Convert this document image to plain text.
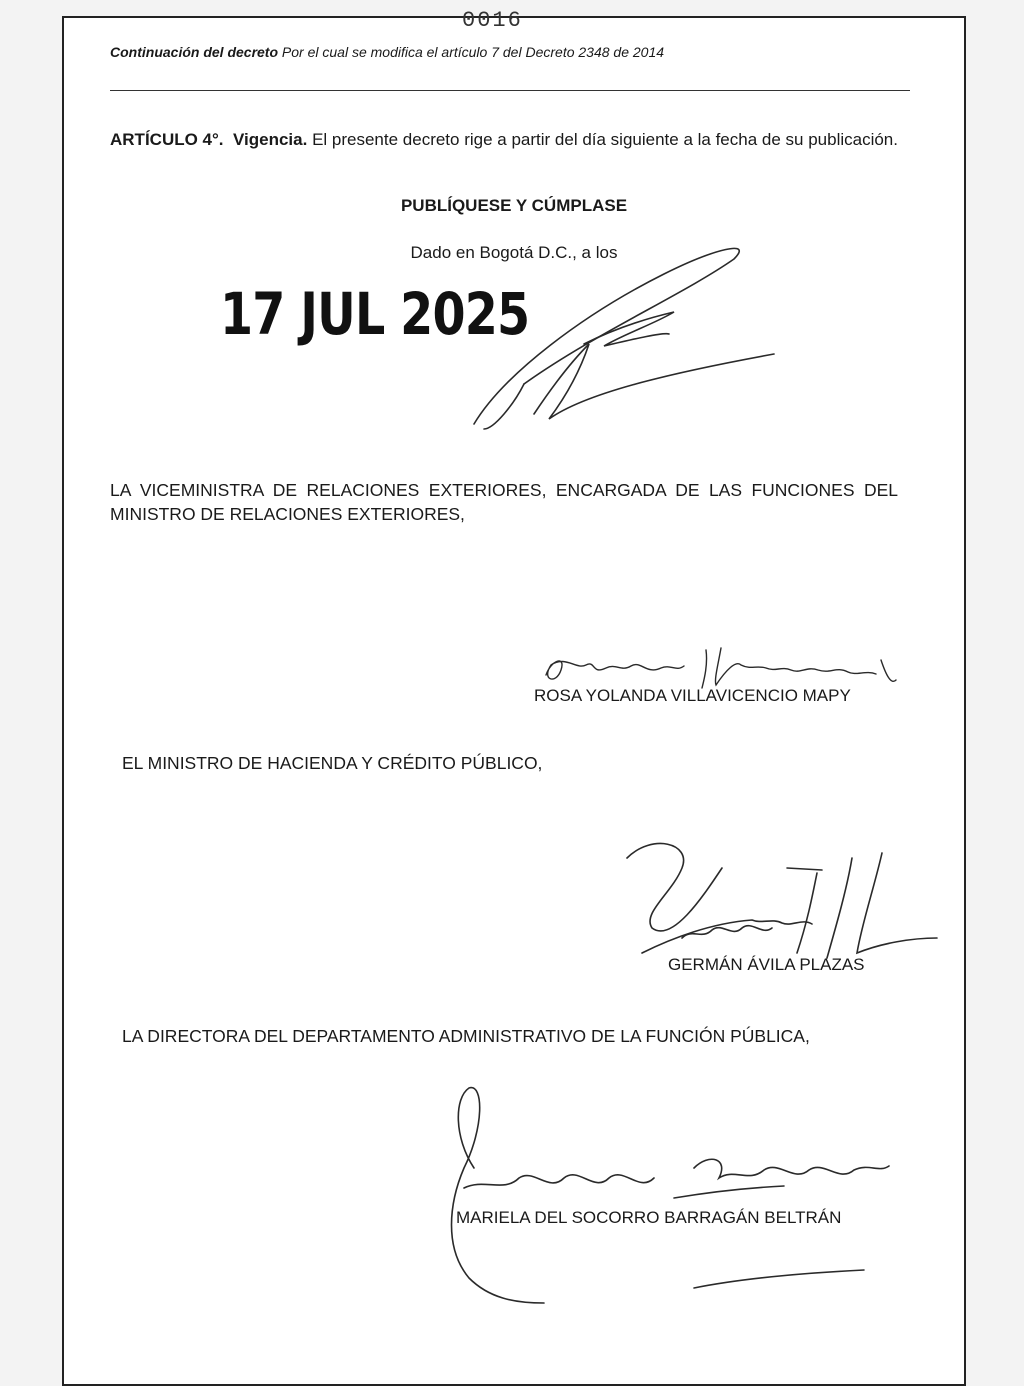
0016
Continuación del decreto Por el cual se modifica el artículo 7 del Decreto 2348 de 2014
ARTÍCULO 4°. Vigencia. El presente decreto rige a partir del día siguiente a la fecha de su publicación.
PUBLÍQUESE Y CÚMPLASE
Dado en Bogotá D.C., a los
17 JUL 2025
LA VICEMINISTRA DE RELACIONES EXTERIORES, ENCARGADA DE LAS FUNCIONES DEL MINISTRO DE RELACIONES EXTERIORES,
ROSA YOLANDA VILLAVICENCIO MAPY
EL MINISTRO DE HACIENDA Y CRÉDITO PÚBLICO,
GERMÁN ÁVILA PLAZAS
LA DIRECTORA DEL DEPARTAMENTO ADMINISTRATIVO DE LA FUNCIÓN PÚBLICA,
MARIELA DEL SOCORRO BARRAGÁN BELTRÁN
